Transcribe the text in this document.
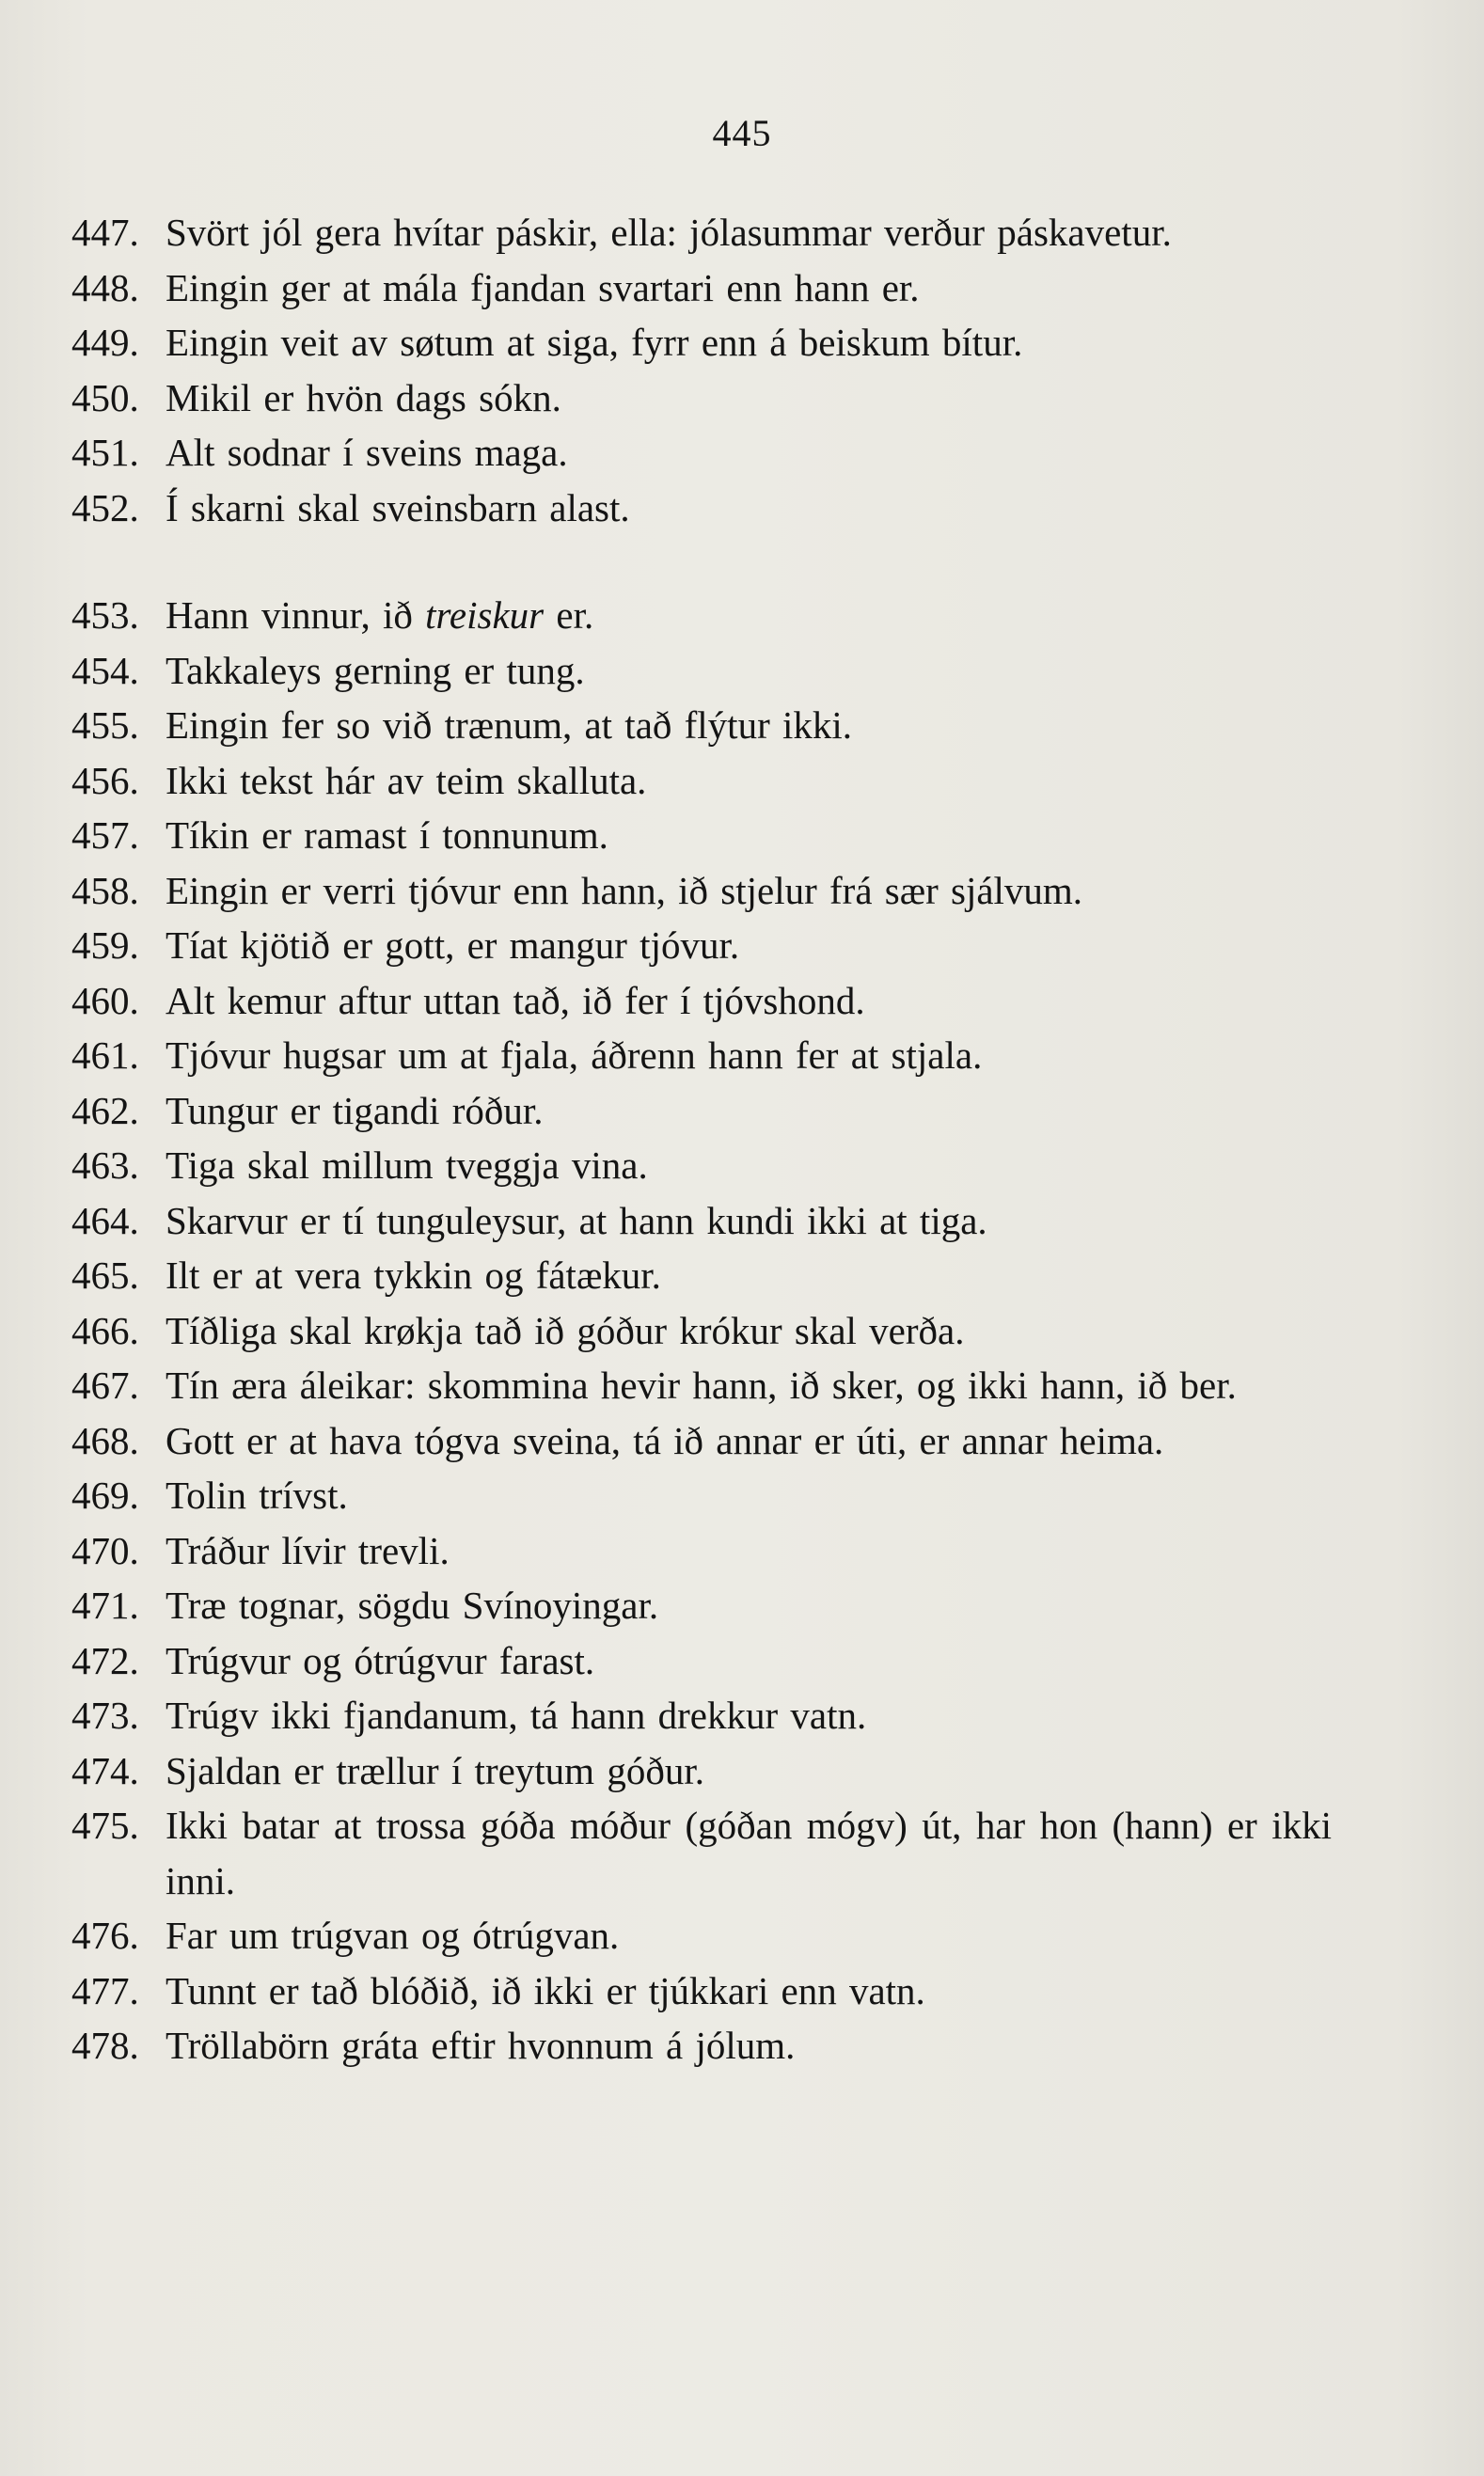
445
447. Svört jól gera hvítar páskir, ella: jólasummar verður páskavetur.
448. Eingin ger at mála fjandan svartari enn hann er.
449. Eingin veit av søtum at siga, fyrr enn á beiskum bítur.
450. Mikil er hvön dags sókn.
451. Alt sodnar í sveins maga.
452. Í skarni skal sveinsbarn alast.
453. Hann vinnur, ið treiskur er.
454. Takkaleys gerning er tung.
455. Eingin fer so við trænum, at tað flýtur ikki.
456. Ikki tekst hár av teim skalluta.
457. Tíkin er ramast í tonnunum.
458. Eingin er verri tjóvur enn hann, ið stjelur frá sær sjálvum.
459. Tíat kjötið er gott, er mangur tjóvur.
460. Alt kemur aftur uttan tað, ið fer í tjóvshond.
461. Tjóvur hugsar um at fjala, áðrenn hann fer at stjala.
462. Tungur er tigandi róður.
463. Tiga skal millum tveggja vina.
464. Skarvur er tí tunguleysur, at hann kundi ikki at tiga.
465. Ilt er at vera tykkin og fátækur.
466. Tíðliga skal krøkja tað ið góður krókur skal verða.
467. Tín æra áleikar: skommina hevir hann, ið sker, og ikki hann, ið ber.
468. Gott er at hava tógva sveina, tá ið annar er úti, er annar heima.
469. Tolin trívst.
470. Tráður lívir trevli.
471. Træ tognar, sögdu Svínoyingar.
472. Trúgvur og ótrúgvur farast.
473. Trúgv ikki fjandanum, tá hann drekkur vatn.
474. Sjaldan er trællur í treytum góður.
475. Ikki batar at trossa góða móður (góðan mógv) út, har hon (hann) er ikki inni.
476. Far um trúgvan og ótrúgvan.
477. Tunnt er tað blóðið, ið ikki er tjúkkari enn vatn.
478. Tröllabörn gráta eftir hvonnum á jólum.
